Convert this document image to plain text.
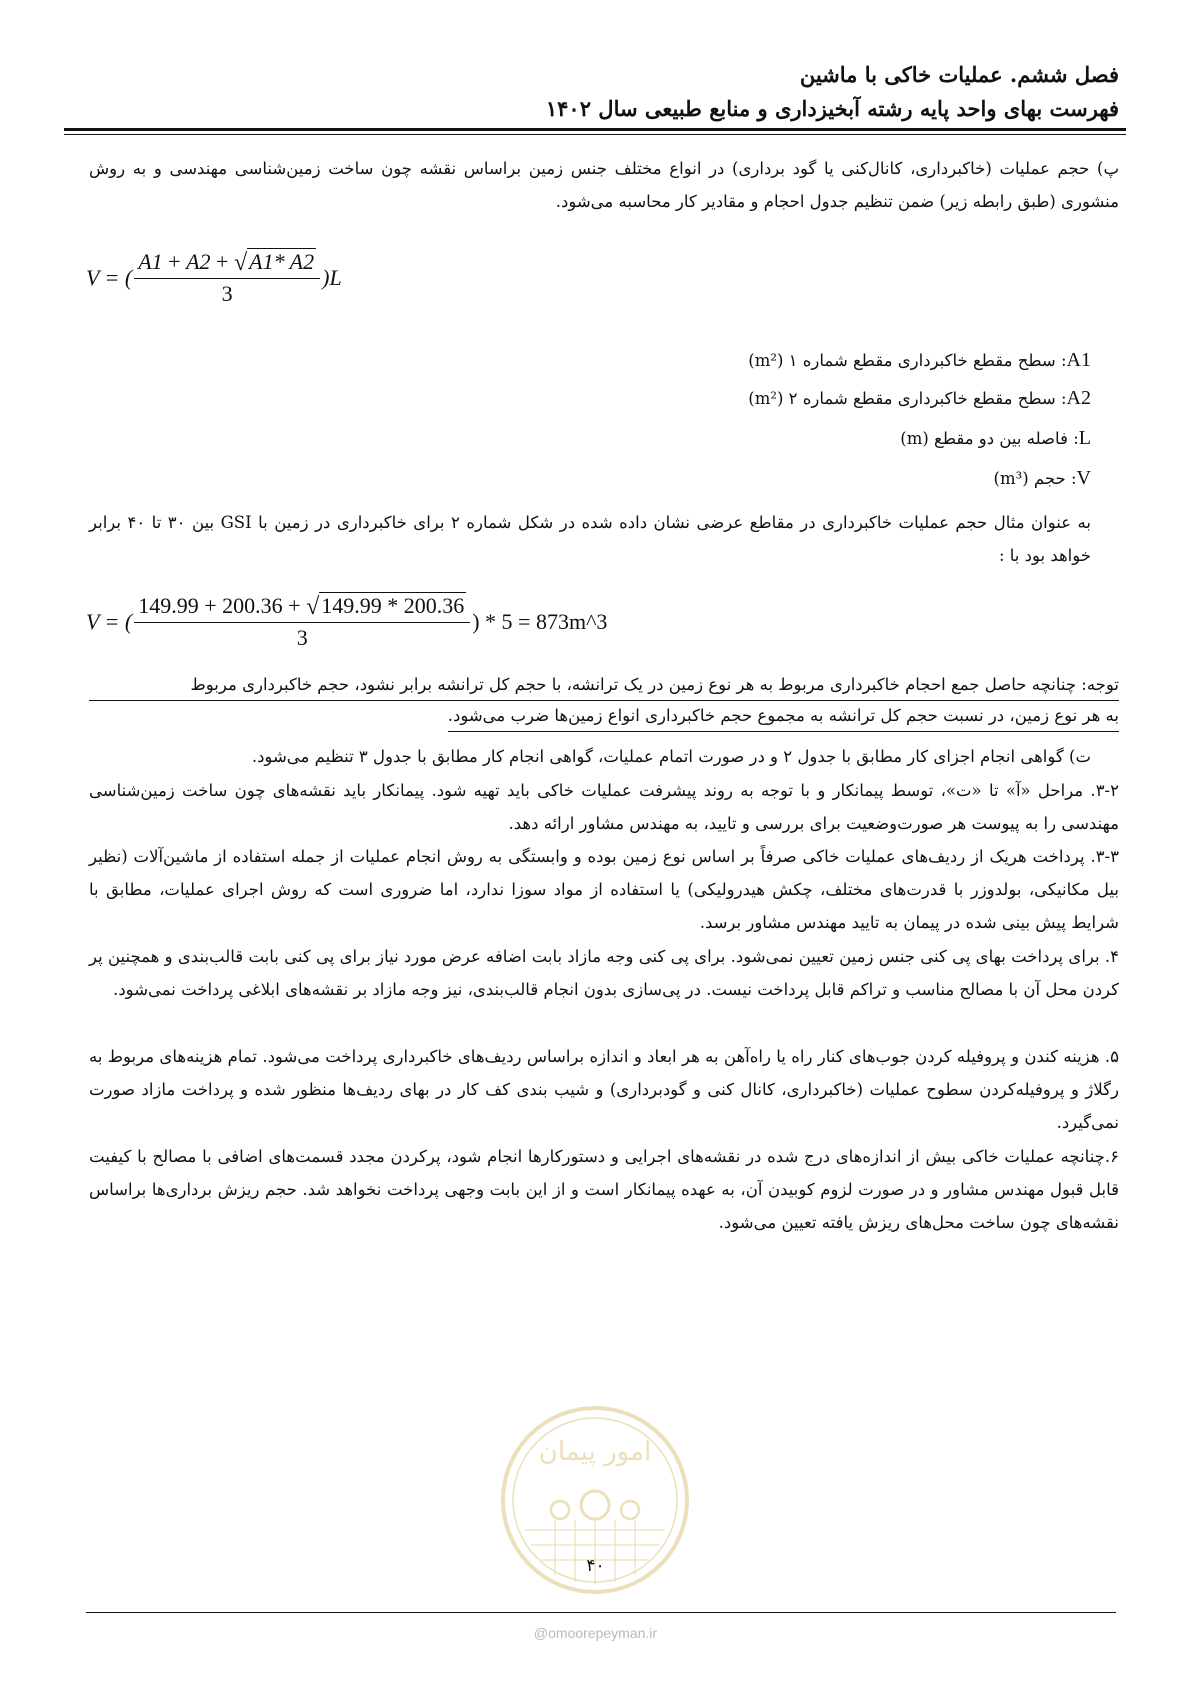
فصل ششم. عملیات خاکی با ماشین
فهرست بهای واحد پایه رشته آبخیزداری و منابع طبیعی سال ۱۴۰۲
پ) حجم عملیات (خاکبرداری، کانال‌کنی یا گود برداری) در انواع مختلف جنس زمین براساس نقشه چون ساخت زمین‌شناسی مهندسی و به روش منشوری (طبق رابطه زیر) ضمن تنظیم جدول احجام و مقادیر کار محاسبه می‌شود.
V = (
A1 + A2 + √ A1* A2
3
)L
A1: سطح مقطع خاکبرداری مقطع شماره ۱ (m²)
A2: سطح مقطع خاکبرداری مقطع شماره ۲ (m²)
L: فاصله بین دو مقطع (m)
V: حجم (m³)
به عنوان مثال حجم عملیات خاکبرداری در مقاطع عرضی نشان داده شده در شکل شماره ۲ برای خاکبرداری در زمین با GSI بین ۳۰ تا ۴۰ برابر خواهد بود با :
V = (
149.99 + 200.36 + √ 149.99 * 200.36
3
) * 5 = 873m^3
توجه: چنانچه حاصل جمع احجام خاکبرداری مربوط به هر نوع زمین در یک ترانشه، با حجم کل ترانشه برابر نشود، حجم خاکبرداری مربوط
به هر نوع زمین، در نسبت حجم کل ترانشه به مجموع حجم خاکبرداری انواع زمین‌ها ضرب می‌شود.
ت) گواهی انجام اجزای کار مطابق با جدول ۲ و در صورت اتمام عملیات، گواهی انجام کار مطابق با جدول ۳ تنظیم می‌شود.
۳-۲. مراحل «آ» تا «ت»، توسط پیمانکار و با توجه به روند پیشرفت عملیات خاکی باید تهیه شود. پیمانکار باید نقشه‌های چون ساخت زمین‌شناسی مهندسی را به پیوست هر صورت‌وضعیت برای بررسی و تایید، به مهندس مشاور ارائه دهد.
۳-۳. پرداخت هریک از ردیف‌های عملیات خاکی صرفاً بر اساس نوع زمین بوده و وابستگی به روش انجام عملیات از جمله استفاده از ماشین‌آلات (نظیر بیل مکانیکی، بولدوزر با قدرت‌های مختلف، چکش هیدرولیکی) یا استفاده از مواد سوزا ندارد، اما ضروری است که روش اجرای عملیات، مطابق با شرایط پیش بینی شده در پیمان به تایید مهندس مشاور برسد.
۴. برای پرداخت بهای پی کنی جنس زمین تعیین نمی‌شود. برای پی کنی وجه مازاد بابت اضافه عرض مورد نیاز برای پی کنی بابت قالب‌بندی و همچنین پر کردن محل آن با مصالح مناسب و تراکم قابل پرداخت نیست. در پی‌سازی بدون انجام قالب‌بندی، نیز وجه مازاد بر نقشه‌های ابلاغی پرداخت نمی‌شود.
۵. هزینه کندن و پروفیله کردن جوب‌های کنار راه یا راه‌آهن به هر ابعاد و اندازه براساس ردیف‌های خاکبرداری پرداخت می‌شود. تمام هزینه‌های مربوط به رگلاژ و پروفیله‌کردن سطوح عملیات (خاکبرداری، کانال کنی و گودبرداری) و شیب بندی کف کار در بهای ردیف‌ها منظور شده و پرداخت مازاد صورت نمی‌گیرد.
۶.چنانچه عملیات خاکی بیش از اندازه‌های درج شده در نقشه‌های اجرایی و دستورکارها انجام شود، پرکردن مجدد قسمت‌های اضافی با مصالح با کیفیت قابل قبول مهندس مشاور و در صورت لزوم کوبیدن آن، به عهده پیمانکار است و از این بابت وجهی پرداخت نخواهد شد. حجم ریزش برداری‌ها براساس نقشه‌های چون ساخت محل‌های ریزش یافته تعیین می‌شود.
امور پیمان
۴۰
@omoorepeyman.ir
